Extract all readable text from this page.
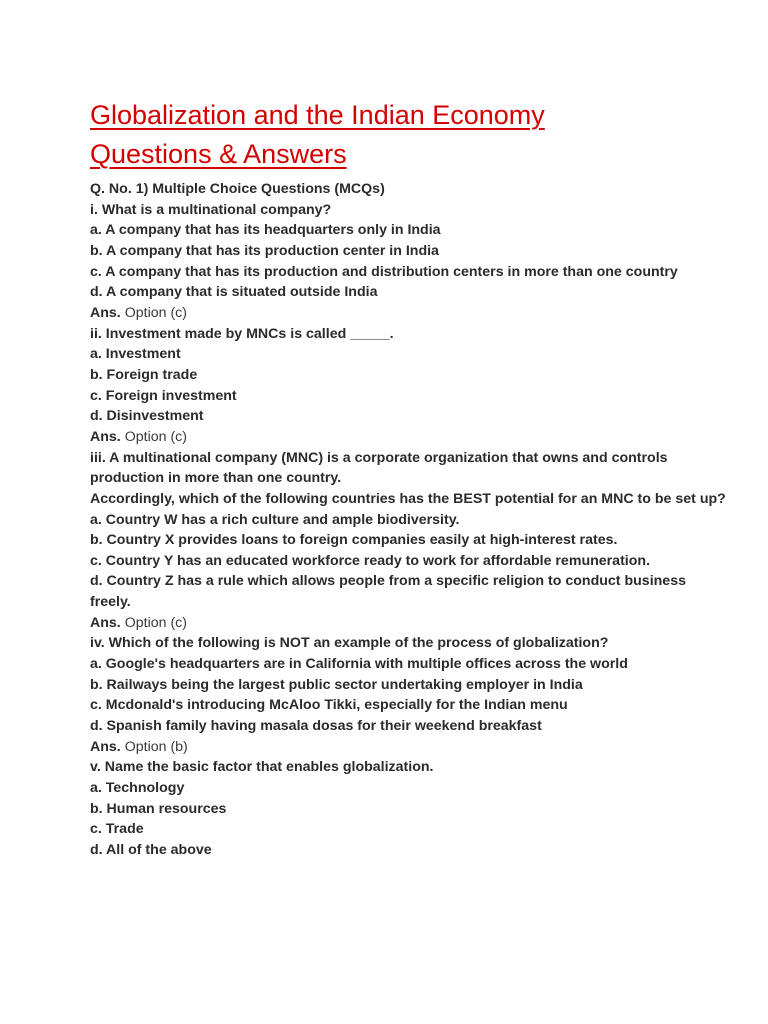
Globalization and the Indian Economy
Questions & Answers
Q. No. 1) Multiple Choice Questions (MCQs)
i. What is a multinational company?
a. A company that has its headquarters only in India
b. A company that has its production center in India
c. A company that has its production and distribution centers in more than one country
d. A company that is situated outside India
Ans. Option (c)
ii. Investment made by MNCs is called _____.
a. Investment
b. Foreign trade
c. Foreign investment
d. Disinvestment
Ans. Option (c)
iii. A multinational company (MNC) is a corporate organization that owns and controls production in more than one country.
Accordingly, which of the following countries has the BEST potential for an MNC to be set up?
a. Country W has a rich culture and ample biodiversity.
b. Country X provides loans to foreign companies easily at high-interest rates.
c. Country Y has an educated workforce ready to work for affordable remuneration.
d. Country Z has a rule which allows people from a specific religion to conduct business freely.
Ans. Option (c)
iv. Which of the following is NOT an example of the process of globalization?
a. Google's headquarters are in California with multiple offices across the world
b. Railways being the largest public sector undertaking employer in India
c. Mcdonald's introducing McAloo Tikki, especially for the Indian menu
d. Spanish family having masala dosas for their weekend breakfast
Ans. Option (b)
v. Name the basic factor that enables globalization.
a. Technology
b. Human resources
c. Trade
d. All of the above
